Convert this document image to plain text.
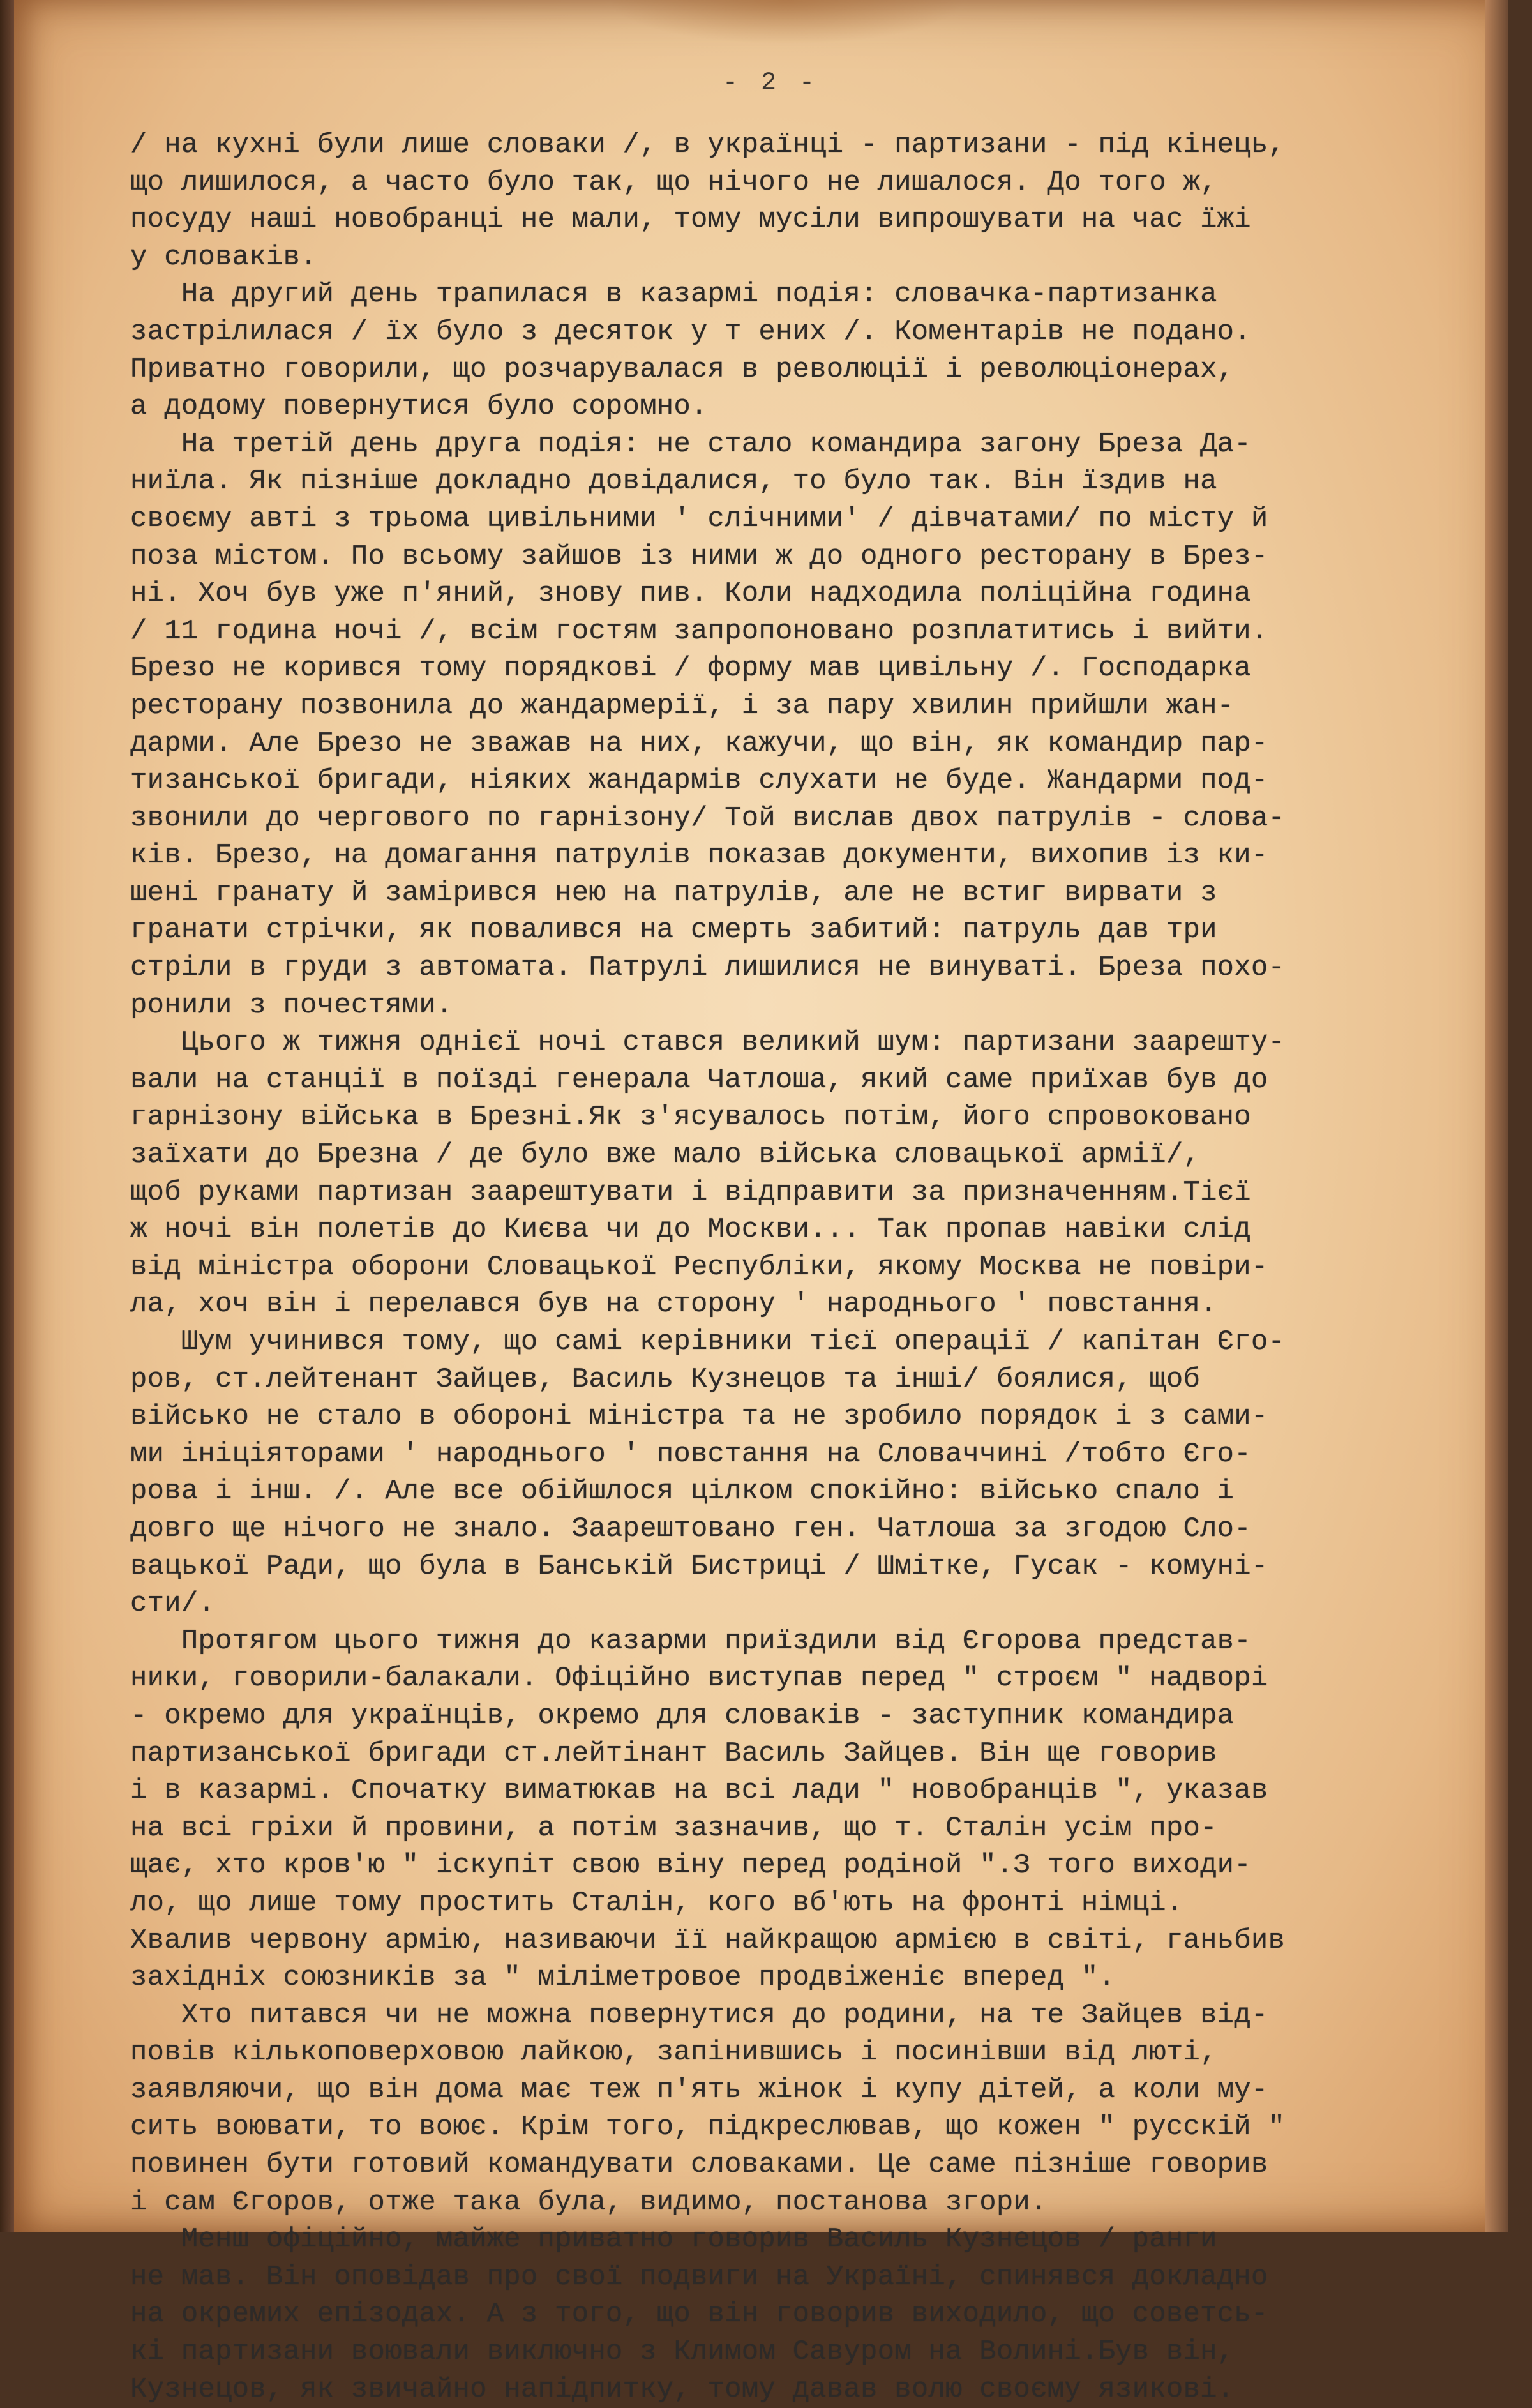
- 2 -
/ на кухні були лише словаки /, в українці - партизани - під кінець,
що лишилося, а часто було так, що нічого не лишалося. До того ж,
посуду наші новобранці не мали, тому мусіли випрошувати на час їжі
у словаків.
На другий день трапилася в казармі подія: словачка-партизанка
застрілилася / їх було з десяток у т ених /. Коментарів не подано.
Приватно говорили, що розчарувалася в революції і революціонерах,
а додому повернутися було соромно.
На третій день друга подія: не стало командира загону Бреза Да-
ниїла. Як пізніше докладно довідалися, то було так. Він їздив на
своєму авті з трьома цивільними ' слічними' / дівчатами/ по місту й
поза містом. По всьому зайшов із ними ж до одного ресторану в Брез-
ні. Хоч був уже п'яний, знову пив. Коли надходила поліційна година
/ 11 година ночі /, всім гостям запропоновано розплатитись і вийти.
Брезо не корився тому порядкові / форму мав цивільну /. Господарка
ресторану позвонила до жандармерії, і за пару хвилин прийшли жан-
дарми. Але Брезо не зважав на них, кажучи, що він, як командир пар-
тизанської бригади, ніяких жандармів слухати не буде. Жандарми под-
звонили до чергового по гарнізону/ Той вислав двох патрулів - слова-
ків. Брезо, на домагання патрулів показав документи, вихопив із ки-
шені гранату й замірився нею на патрулів, але не встиг вирвати з
гранати стрічки, як повалився на смерть забитий: патруль дав три
стріли в груди з автомата. Патрулі лишилися не винуваті. Бреза похо-
ронили з почестями.
Цього ж тижня однієї ночі стався великий шум: партизани заарешту-
вали на станції в поїзді генерала Чатлоша, який саме приїхав був до
гарнізону війська в Брезні.Як з'ясувалось потім, його спровоковано
заїхати до Брезна / де було вже мало війська словацької армії/,
щоб руками партизан заарештувати і відправити за призначенням.Тієї
ж ночі він полетів до Києва чи до Москви... Так пропав навіки слід
від міністра оборони Словацької Республіки, якому Москва не повіри-
ла, хоч він і перелався був на сторону ' народнього ' повстання.
Шум учинився тому, що самі керівники тієї операції / капітан Єго-
ров, ст.лейтенант Зайцев, Василь Кузнецов та інші/ боялися, щоб
військо не стало в обороні міністра та не зробило порядок і з сами-
ми ініціяторами ' народнього ' повстання на Словаччині /тобто Єго-
рова і інш. /. Але все обійшлося цілком спокійно: військо спало і
довго ще нічого не знало. Заарештовано ген. Чатлоша за згодою Сло-
вацької Ради, що була в Банській Бистриці / Шмітке, Гусак - комуні-
сти/.
Протягом цього тижня до казарми приїздили від Єгорова представ-
ники, говорили-балакали. Офіційно виступав перед " строєм " надворі
- окремо для українців, окремо для словаків - заступник командира
партизанської бригади ст.лейтінант Василь Зайцев. Він ще говорив
і в казармі. Спочатку виматюкав на всі лади " новобранців ", указав
на всі гріхи й провини, а потім зазначив, що т. Сталін усім про-
щає, хто кров'ю " іскупіт свою віну перед родіной ".З того виходи-
ло, що лише тому простить Сталін, кого вб'ють на фронті німці.
Хвалив червону армію, називаючи її найкращою армією в світі, ганьбив
західніх союзників за " міліметровое продвіженіє вперед ".
Хто питався чи не можна повернутися до родини, на те Зайцев від-
повів кількоповерховою лайкою, запінившись і посинівши від люті,
заявляючи, що він дома має теж п'ять жінок і купу дітей, а коли му-
сить воювати, то воює. Крім того, підкреслював, що кожен " русскій "
повинен бути готовий командувати словаками. Це саме пізніше говорив
і сам Єгоров, отже така була, видимо, постанова згори.
Менш офіційно, майже приватно говорив Василь Кузнецов / ранги
не мав. Він оповідав про свої подвиги на Україні, спинявся докладно
на окремих епізодах. А з того, що він говорив виходило, що советсь-
кі партизани воювали виключно з Климом Савуром на Волині.Був він,
Кузнецов, як звичайно напідпитку, тому давав волю своєму язикові.
